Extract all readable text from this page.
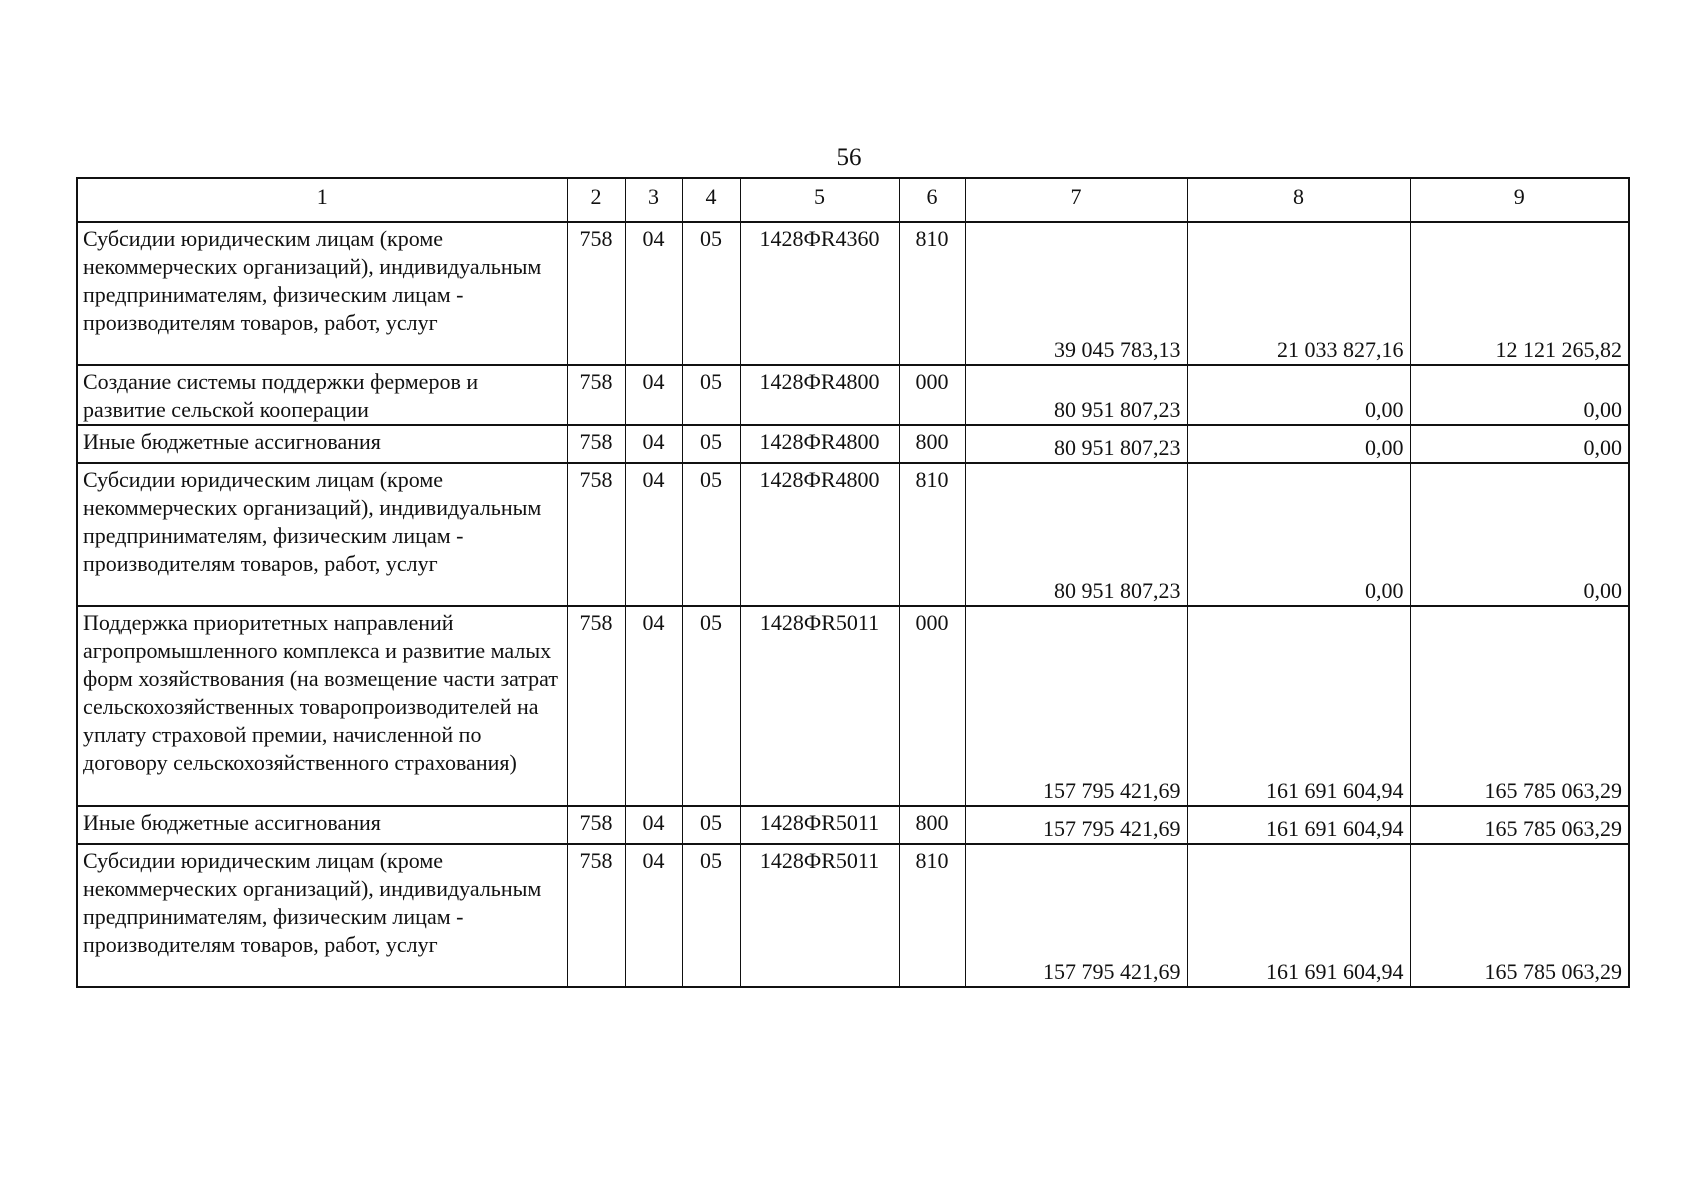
56
1	2	3	4	5	6	7	8	9
Субсидии юридическим лицам (кроме некоммерческих организаций), индивидуальным предпринимателям, физическим лицам - производителям товаров, работ, услуг	758	04	05	1428ФR4360	810	39 045 783,13	21 033 827,16	12 121 265,82
Создание системы поддержки фермеров и развитие сельской кооперации	758	04	05	1428ФR4800	000	80 951 807,23	0,00	0,00
Иные бюджетные ассигнования	758	04	05	1428ФR4800	800	80 951 807,23	0,00	0,00
Субсидии юридическим лицам (кроме некоммерческих организаций), индивидуальным предпринимателям, физическим лицам - производителям товаров, работ, услуг	758	04	05	1428ФR4800	810	80 951 807,23	0,00	0,00
Поддержка приоритетных направлений агропромышленного комплекса и развитие малых форм хозяйствования (на возмещение части затрат сельскохозяйственных товаропроизводителей на уплату страховой премии, начисленной по договору сельскохозяйственного страхования)	758	04	05	1428ФR5011	000	157 795 421,69	161 691 604,94	165 785 063,29
Иные бюджетные ассигнования	758	04	05	1428ФR5011	800	157 795 421,69	161 691 604,94	165 785 063,29
Субсидии юридическим лицам (кроме некоммерческих организаций), индивидуальным предпринимателям, физическим лицам - производителям товаров, работ, услуг	758	04	05	1428ФR5011	810	157 795 421,69	161 691 604,94	165 785 063,29
